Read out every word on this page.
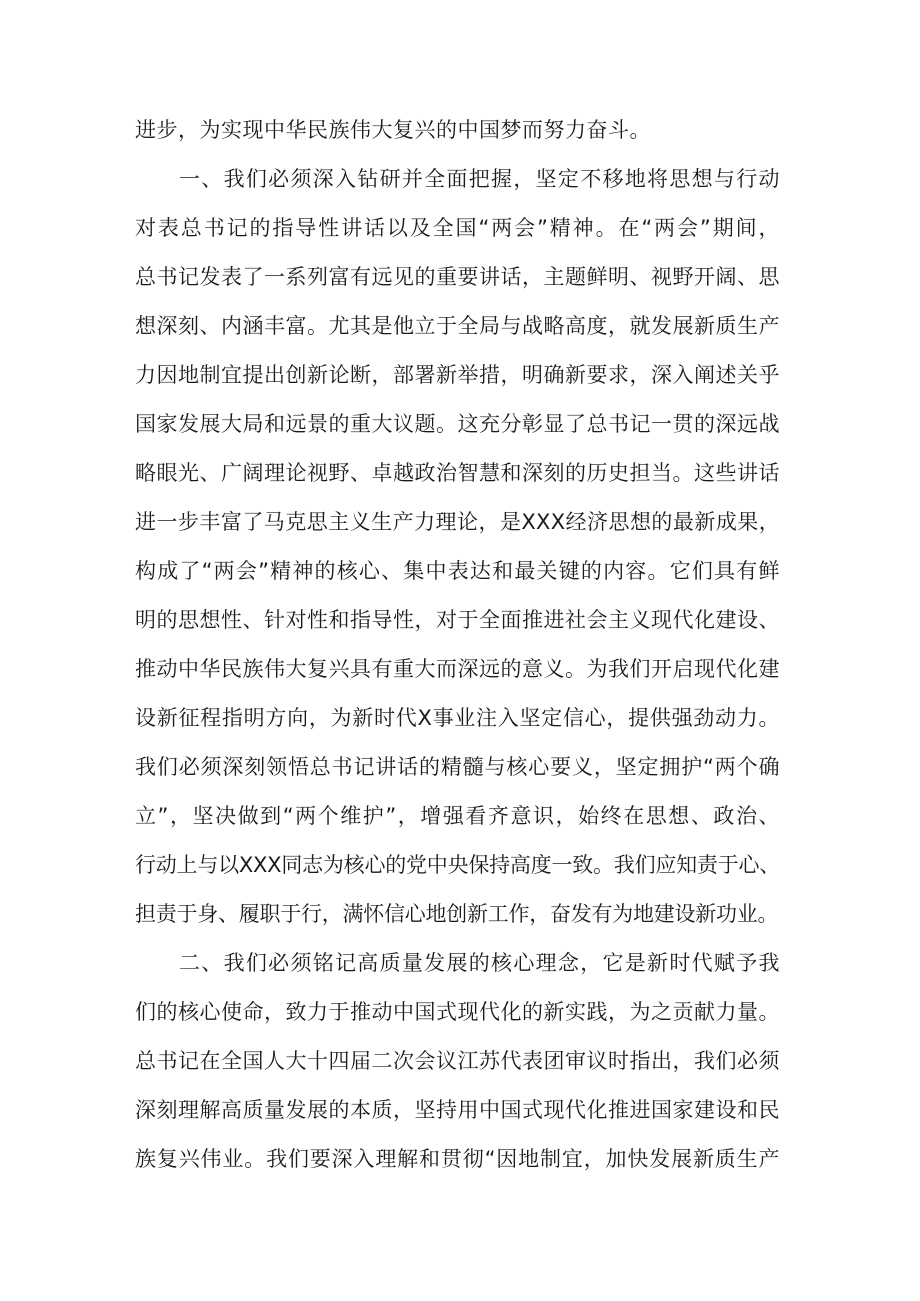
进步，为实现中华民族伟大复兴的中国梦而努力奋斗。
一、我们必须深入钻研并全面把握，坚定不移地将思想与行动
对表总书记的指导性讲话以及全国“两会”精神。在“两会”期间，
总书记发表了一系列富有远见的重要讲话，主题鲜明、视野开阔、思
想深刻、内涵丰富。尤其是他立于全局与战略高度，就发展新质生产
力因地制宜提出创新论断，部署新举措，明确新要求，深入阐述关乎
国家发展大局和远景的重大议题。这充分彰显了总书记一贯的深远战
略眼光、广阔理论视野、卓越政治智慧和深刻的历史担当。这些讲话
进一步丰富了马克思主义生产力理论，是XXX经济思想的最新成果，
构成了“两会”精神的核心、集中表达和最关键的内容。它们具有鲜
明的思想性、针对性和指导性，对于全面推进社会主义现代化建设、
推动中华民族伟大复兴具有重大而深远的意义。为我们开启现代化建
设新征程指明方向，为新时代X事业注入坚定信心，提供强劲动力。
我们必须深刻领悟总书记讲话的精髓与核心要义，坚定拥护“两个确
立”，坚决做到“两个维护”，增强看齐意识，始终在思想、政治、
行动上与以XXX同志为核心的党中央保持高度一致。我们应知责于心、
担责于身、履职于行，满怀信心地创新工作，奋发有为地建设新功业。
二、我们必须铭记高质量发展的核心理念，它是新时代赋予我
们的核心使命，致力于推动中国式现代化的新实践，为之贡献力量。
总书记在全国人大十四届二次会议江苏代表团审议时指出，我们必须
深刻理解高质量发展的本质，坚持用中国式现代化推进国家建设和民
族复兴伟业。我们要深入理解和贯彻“因地制宜，加快发展新质生产
